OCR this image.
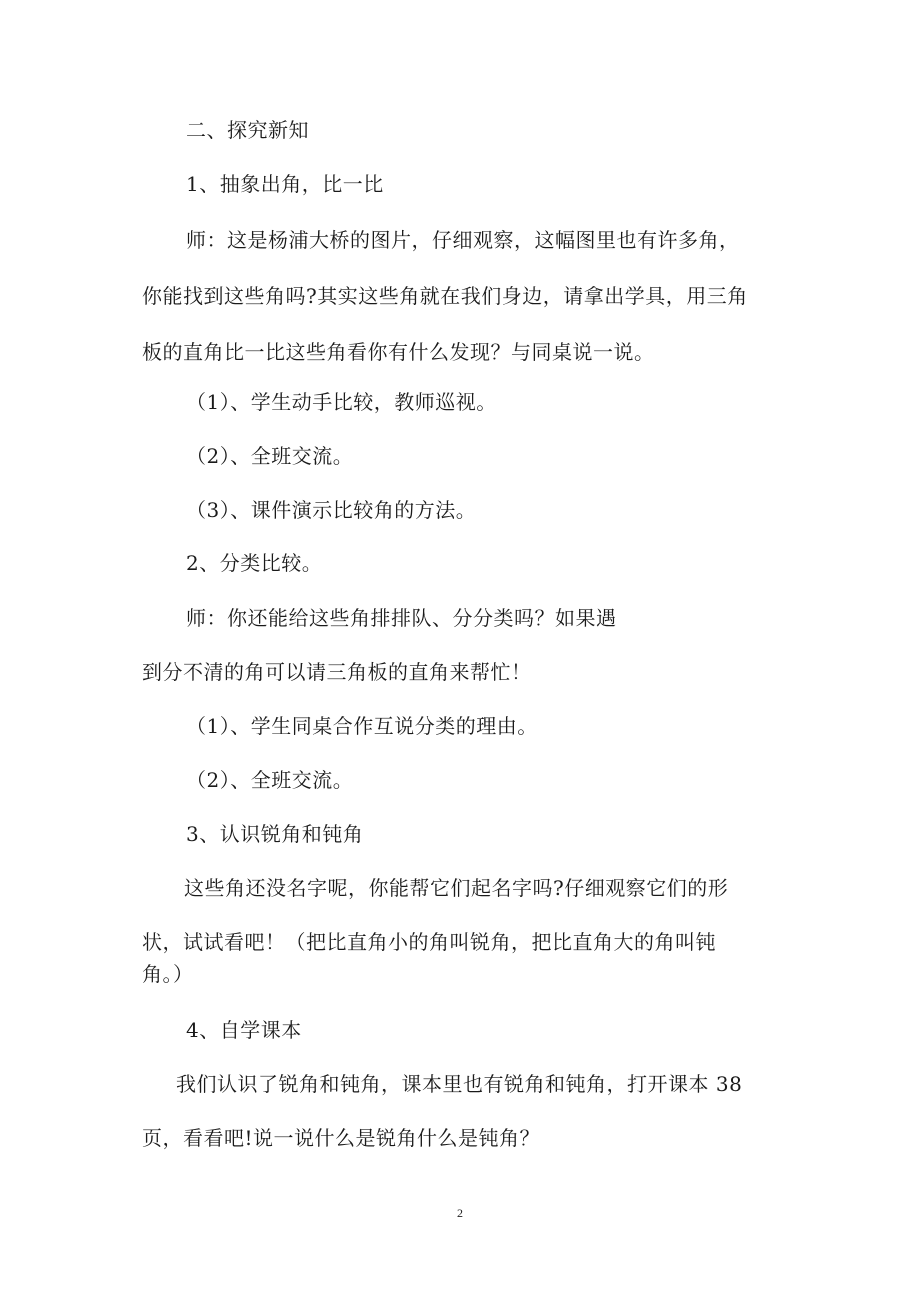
二、探究新知
1、抽象出角，比一比
师：这是杨浦大桥的图片，仔细观察，这幅图里也有许多角，
你能找到这些角吗?其实这些角就在我们身边，请拿出学具，用三角
板的直角比一比这些角看你有什么发现？与同桌说一说。
（1）、学生动手比较，教师巡视。
（2）、全班交流。
（3）、课件演示比较角的方法。
2、分类比较。
师：你还能给这些角排排队、分分类吗？如果遇
到分不清的角可以请三角板的直角来帮忙！
（1）、学生同桌合作互说分类的理由。
（2）、全班交流。
3、认识锐角和钝角
这些角还没名字呢，你能帮它们起名字吗?仔细观察它们的形
状，试试看吧！（把比直角小的角叫锐角，把比直角大的角叫钝
角。）
4、自学课本
我们认识了锐角和钝角，课本里也有锐角和钝角，打开课本 38
页，看看吧!说一说什么是锐角什么是钝角？
2
